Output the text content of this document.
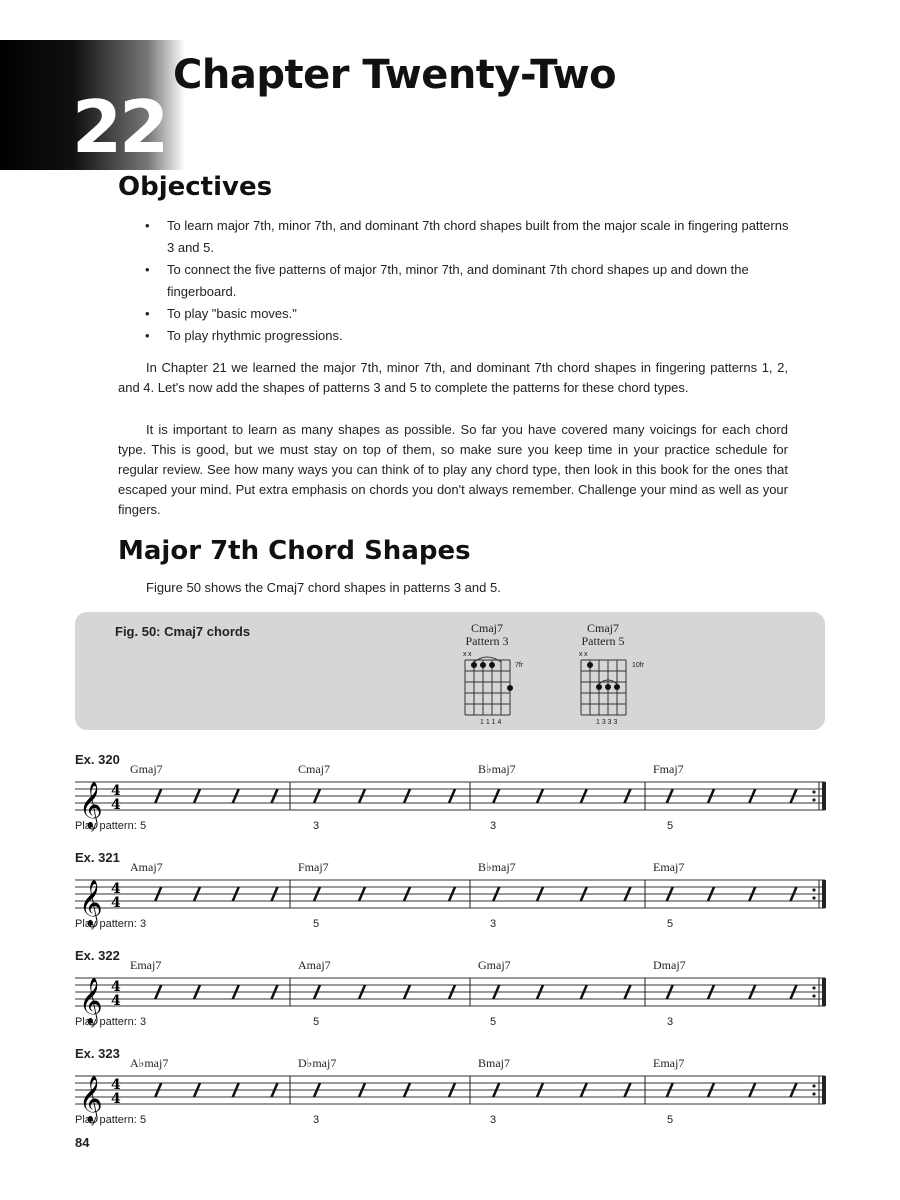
22
Chapter Twenty-Two
Objectives
• To learn major 7th, minor 7th, and dominant 7th chord shapes built from the major scale in fingering patterns 3 and 5.
• To connect the five patterns of major 7th, minor 7th, and dominant 7th chord shapes up and down the fingerboard.
• To play "basic moves."
• To play rhythmic progressions.

In Chapter 21 we learned the major 7th, minor 7th, and dominant 7th chord shapes in fingering patterns 1, 2, and 4. Let's now add the shapes of patterns 3 and 5 to complete the patterns for these chord types.

It is important to learn as many shapes as possible. So far you have covered many voicings for each chord type. This is good, but we must stay on top of them, so make sure you keep time in your practice schedule for regular review. See how many ways you can think of to play any chord type, then look in this book for the ones that escaped your mind. Put extra emphasis on chords you don't always remember. Challenge your mind as well as your fingers.

Major 7th Chord Shapes

Figure 50 shows the Cmaj7 chord shapes in patterns 3 and 5.

Fig. 50: Cmaj7 chords	Cmaj7
Pattern 3
x x
7fr
1 1 1 4
Cmaj7
Pattern 5
x x
10fr
1 3 3 3
Ex. 320
Gmaj7	Cmaj7	B♭maj7	Fmaj7
𝄞 4
4
Play pattern: 5	3	3	5
Ex. 321
Amaj7	Fmaj7	B♭maj7	Emaj7
𝄞 4
4
Play pattern: 3	5	3	5
Ex. 322
Emaj7	Amaj7	Gmaj7	Dmaj7
𝄞 4
4
Play pattern: 3	5	5	3
Ex. 323
A♭maj7	D♭maj7	Bmaj7	Emaj7
𝄞 4
4
Play pattern: 5	3	3	5
84
